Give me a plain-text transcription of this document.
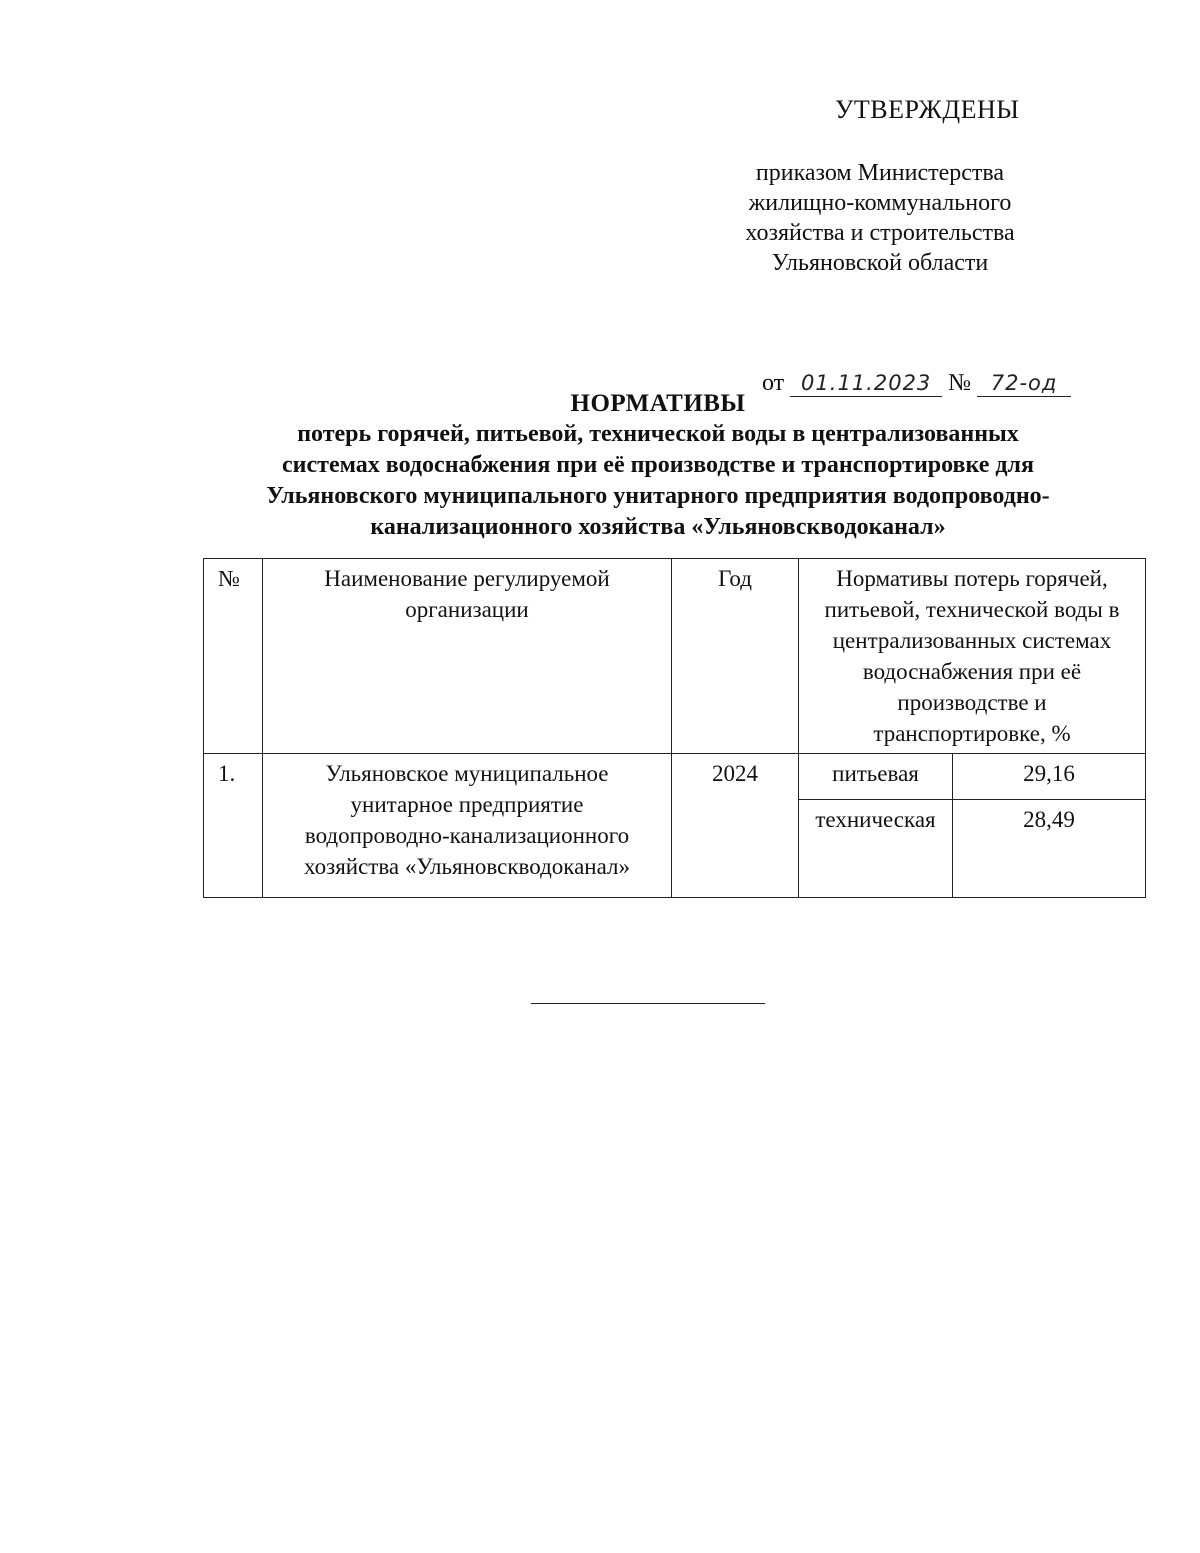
УТВЕРЖДЕНЫ
приказом Министерства
жилищно-коммунального
хозяйства и строительства
Ульяновской области
от 01.11.2023 № 72-од
НОРМАТИВЫ
потерь горячей, питьевой, технической воды в централизованных
системах водоснабжения при её производстве и транспортировке для
Ульяновского муниципального унитарного предприятия водопроводно-
канализационного хозяйства «Ульяновскводоканал»
№	Наименование регулируемой организации	Год	Нормативы потерь горячей, питьевой, технической воды в централизованных системах водоснабжения при её производстве и транспортировке, %	
1.	Ульяновское муниципальное унитарное предприятие водопроводно-канализационного хозяйства «Ульяновскводоканал»	2024	питьевая	29,16
			техническая	28,49
